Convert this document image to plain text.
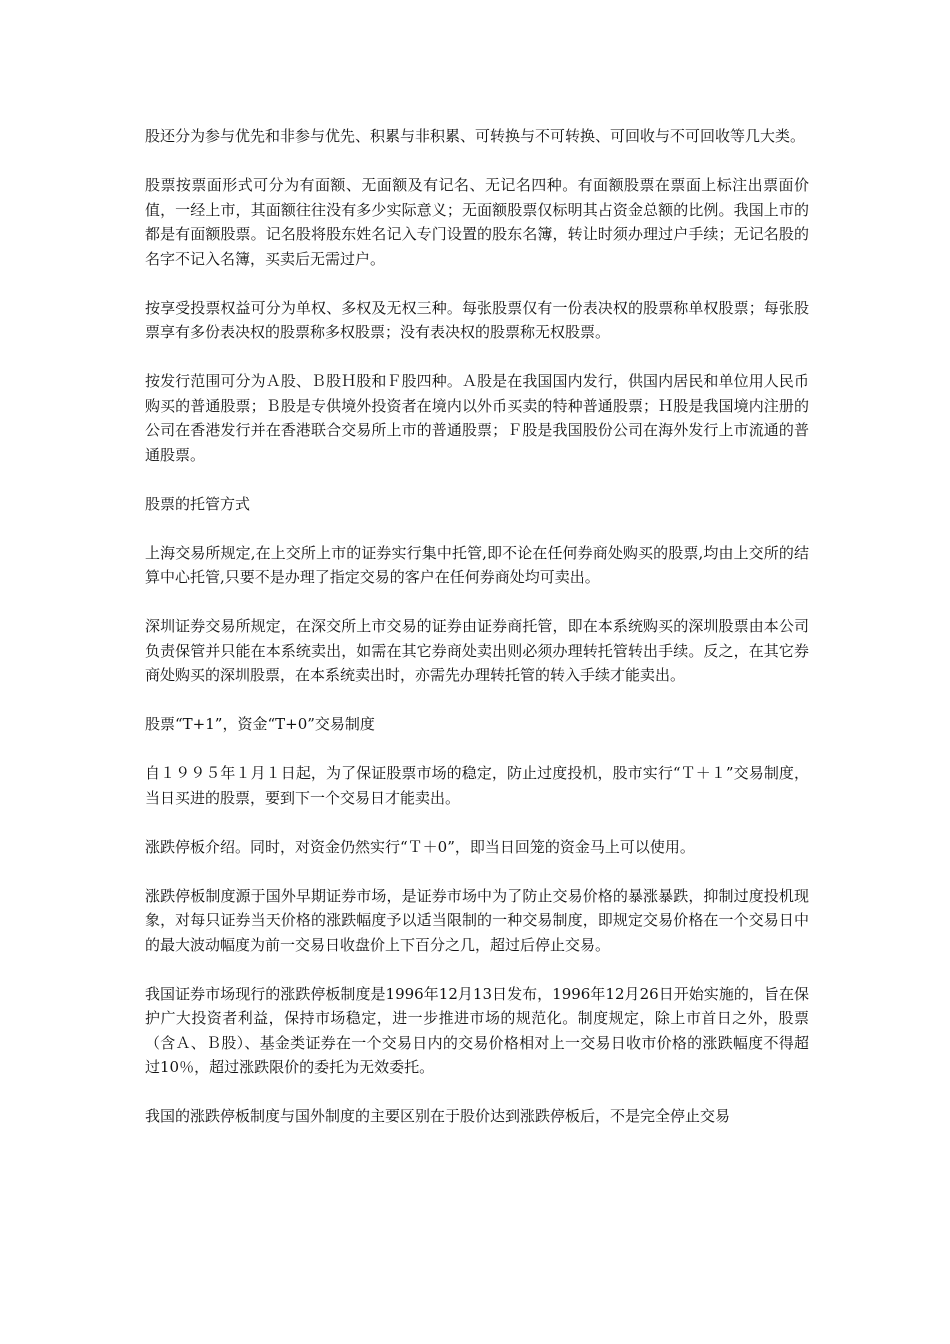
股还分为参与优先和非参与优先、积累与非积累、可转换与不可转换、可回收与不可回收等几大类。

股票按票面形式可分为有面额、无面额及有记名、无记名四种。有面额股票在票面上标注出票面价值，一经上市，其面额往往没有多少实际意义；无面额股票仅标明其占资金总额的比例。我国上市的都是有面额股票。记名股将股东姓名记入专门设置的股东名簿，转让时须办理过户手续；无记名股的名字不记入名簿，买卖后无需过户。

按享受投票权益可分为单权、多权及无权三种。每张股票仅有一份表决权的股票称单权股票；每张股票享有多份表决权的股票称多权股票；没有表决权的股票称无权股票。

按发行范围可分为Ａ股、Ｂ股Ｈ股和Ｆ股四种。Ａ股是在我国国内发行，供国内居民和单位用人民币购买的普通股票；Ｂ股是专供境外投资者在境内以外币买卖的特种普通股票；Ｈ股是我国境内注册的公司在香港发行并在香港联合交易所上市的普通股票；Ｆ股是我国股份公司在海外发行上市流通的普通股票。

股票的托管方式

上海交易所规定,在上交所上市的证券实行集中托管,即不论在任何券商处购买的股票,均由上交所的结算中心托管,只要不是办理了指定交易的客户在任何券商处均可卖出。

深圳证券交易所规定，在深交所上市交易的证券由证券商托管，即在本系统购买的深圳股票由本公司负责保管并只能在本系统卖出，如需在其它券商处卖出则必须办理转托管转出手续。反之，在其它券商处购买的深圳股票，在本系统卖出时，亦需先办理转托管的转入手续才能卖出。

股票“T+1”，资金“T+0”交易制度

自１９９５年１月１日起，为了保证股票市场的稳定，防止过度投机，股市实行“Ｔ＋１”交易制度，当日买进的股票，要到下一个交易日才能卖出。

涨跌停板介绍。同时，对资金仍然实行“Ｔ＋0”，即当日回笼的资金马上可以使用。

涨跌停板制度源于国外早期证券市场，是证券市场中为了防止交易价格的暴涨暴跌，抑制过度投机现象，对每只证券当天价格的涨跌幅度予以适当限制的一种交易制度，即规定交易价格在一个交易日中的最大波动幅度为前一交易日收盘价上下百分之几，超过后停止交易。

我国证券市场现行的涨跌停板制度是1996年12月13日发布，1996年12月26日开始实施的，旨在保护广大投资者利益，保持市场稳定，进一步推进市场的规范化。制度规定，除上市首日之外，股票（含Ａ、Ｂ股）、基金类证券在一个交易日内的交易价格相对上一交易日收市价格的涨跌幅度不得超过10％，超过涨跌限价的委托为无效委托。

我国的涨跌停板制度与国外制度的主要区别在于股价达到涨跌停板后，不是完全停止交易
